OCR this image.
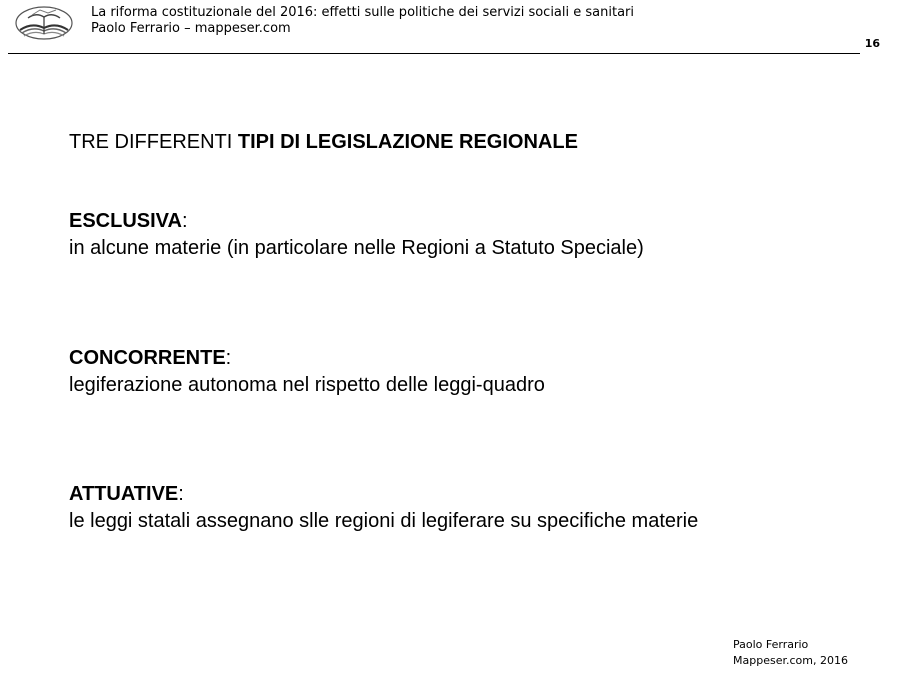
La riforma costituzionale del 2016: effetti sulle politiche dei servizi sociali e sanitari
Paolo Ferrario – mappeser.com
16
TRE DIFFERENTI TIPI DI LEGISLAZIONE REGIONALE
ESCLUSIVA:
in alcune materie (in particolare nelle Regioni a Statuto Speciale)
CONCORRENTE:
legiferazione autonoma nel rispetto delle leggi-quadro
ATTUATIVE:
le leggi statali assegnano slle regioni di legiferare su specifiche materie
Paolo Ferrario
Mappeser.com, 2016
